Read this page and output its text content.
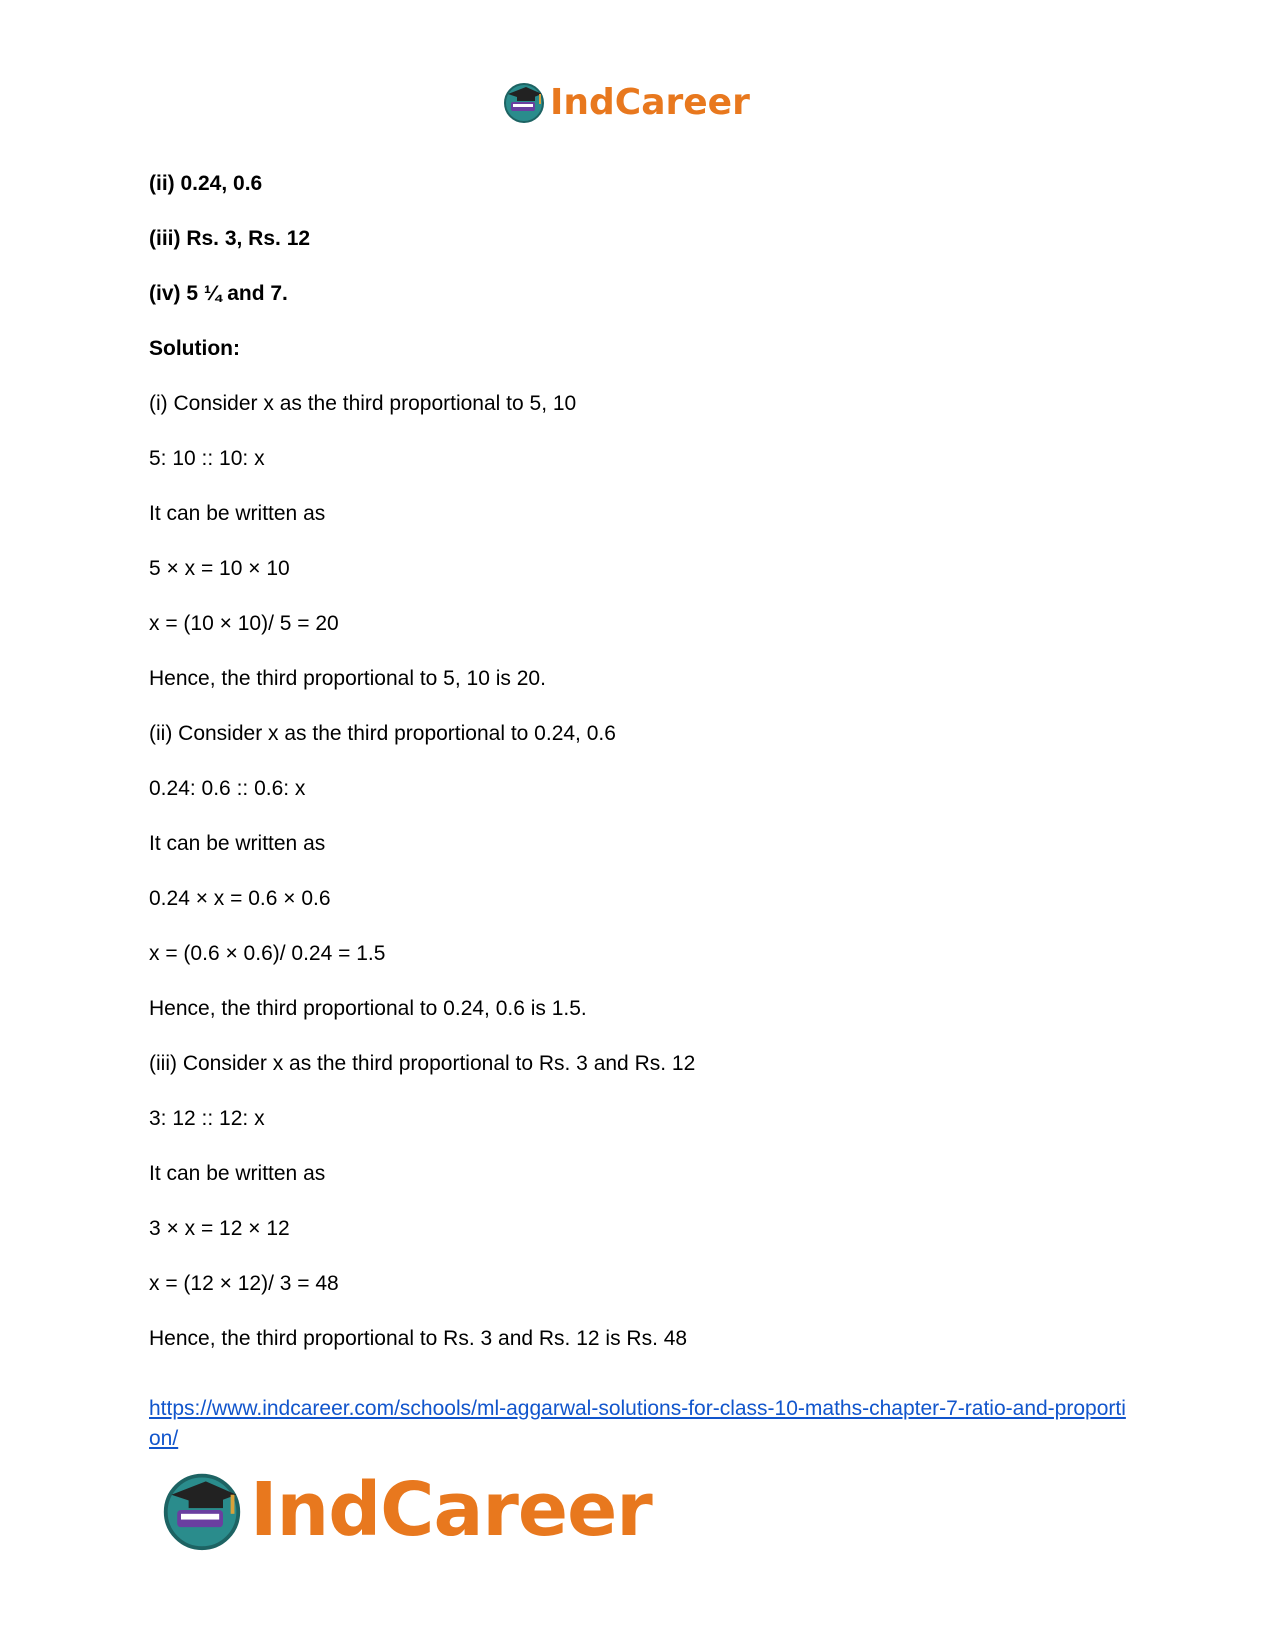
IndCareer
(ii) 0.24, 0.6
(iii) Rs. 3, Rs. 12
(iv) 5 ¼ and 7.
Solution:
(i) Consider x as the third proportional to 5, 10
5: 10 :: 10: x
It can be written as
5 × x = 10 × 10
x = (10 × 10)/ 5 = 20
Hence, the third proportional to 5, 10 is 20.
(ii) Consider x as the third proportional to 0.24, 0.6
0.24: 0.6 :: 0.6: x
It can be written as
0.24 × x = 0.6 × 0.6
x = (0.6 × 0.6)/ 0.24 = 1.5
Hence, the third proportional to 0.24, 0.6 is 1.5.
(iii) Consider x as the third proportional to Rs. 3 and Rs. 12
3: 12 :: 12: x
It can be written as
3 × x = 12 × 12
x = (12 × 12)/ 3 = 48
Hence, the third proportional to Rs. 3 and Rs. 12 is Rs. 48
https://www.indcareer.com/schools/ml-aggarwal-solutions-for-class-10-maths-chapter-7-ratio-and-proportion/
IndCareer
